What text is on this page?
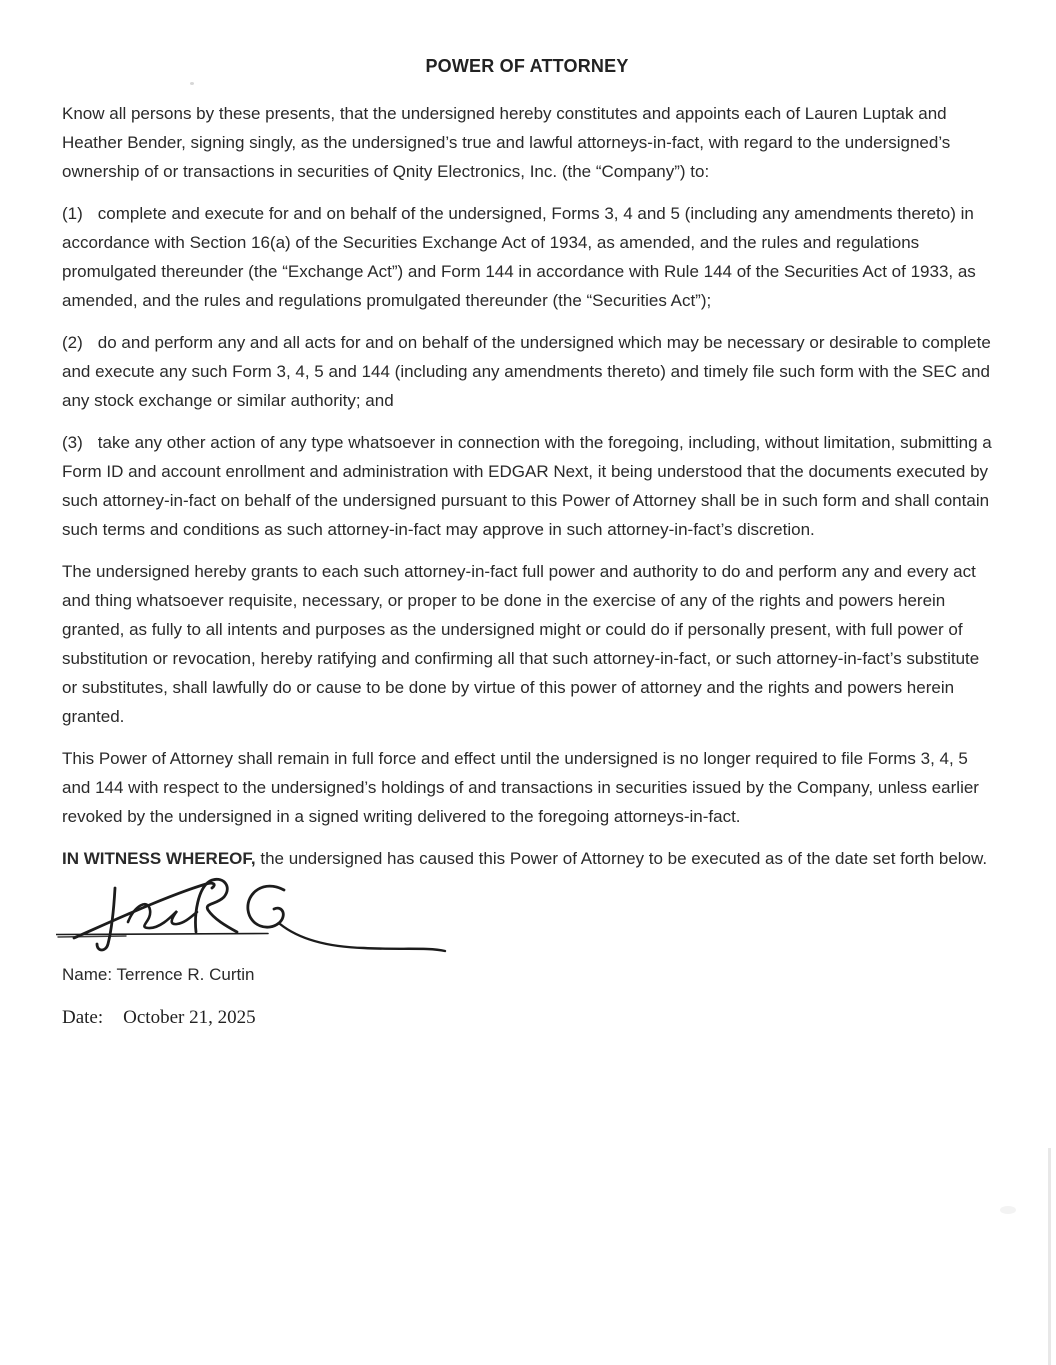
POWER OF ATTORNEY

Know all persons by these presents, that the undersigned hereby constitutes and appoints each of Lauren Luptak and Heather Bender, signing singly, as the undersigned’s true and lawful attorneys-in-fact, with regard to the undersigned’s ownership of or transactions in securities of Qnity Electronics, Inc. (the “Company”) to:

(1) complete and execute for and on behalf of the undersigned, Forms 3, 4 and 5 (including any amendments thereto) in accordance with Section 16(a) of the Securities Exchange Act of 1934, as amended, and the rules and regulations promulgated thereunder (the “Exchange Act”) and Form 144 in accordance with Rule 144 of the Securities Act of 1933, as amended, and the rules and regulations promulgated thereunder (the “Securities Act”);

(2) do and perform any and all acts for and on behalf of the undersigned which may be necessary or desirable to complete and execute any such Form 3, 4, 5 and 144 (including any amendments thereto) and timely file such form with the SEC and any stock exchange or similar authority; and

(3) take any other action of any type whatsoever in connection with the foregoing, including, without limitation, submitting a Form ID and account enrollment and administration with EDGAR Next, it being understood that the documents executed by such attorney-in-fact on behalf of the undersigned pursuant to this Power of Attorney shall be in such form and shall contain such terms and conditions as such attorney-in-fact may approve in such attorney-in-fact’s discretion.

The undersigned hereby grants to each such attorney-in-fact full power and authority to do and perform any and every act and thing whatsoever requisite, necessary, or proper to be done in the exercise of any of the rights and powers herein granted, as fully to all intents and purposes as the undersigned might or could do if personally present, with full power of substitution or revocation, hereby ratifying and confirming all that such attorney-in-fact, or such attorney-in-fact’s substitute or substitutes, shall lawfully do or cause to be done by virtue of this power of attorney and the rights and powers herein granted.

This Power of Attorney shall remain in full force and effect until the undersigned is no longer required to file Forms 3, 4, 5 and 144 with respect to the undersigned’s holdings of and transactions in securities issued by the Company, unless earlier revoked by the undersigned in a signed writing delivered to the foregoing attorneys-in-fact.

IN WITNESS WHEREOF, the undersigned has caused this Power of Attorney to be executed as of the date set forth below.

Name: Terrence R. Curtin

Date: October 21, 2025
